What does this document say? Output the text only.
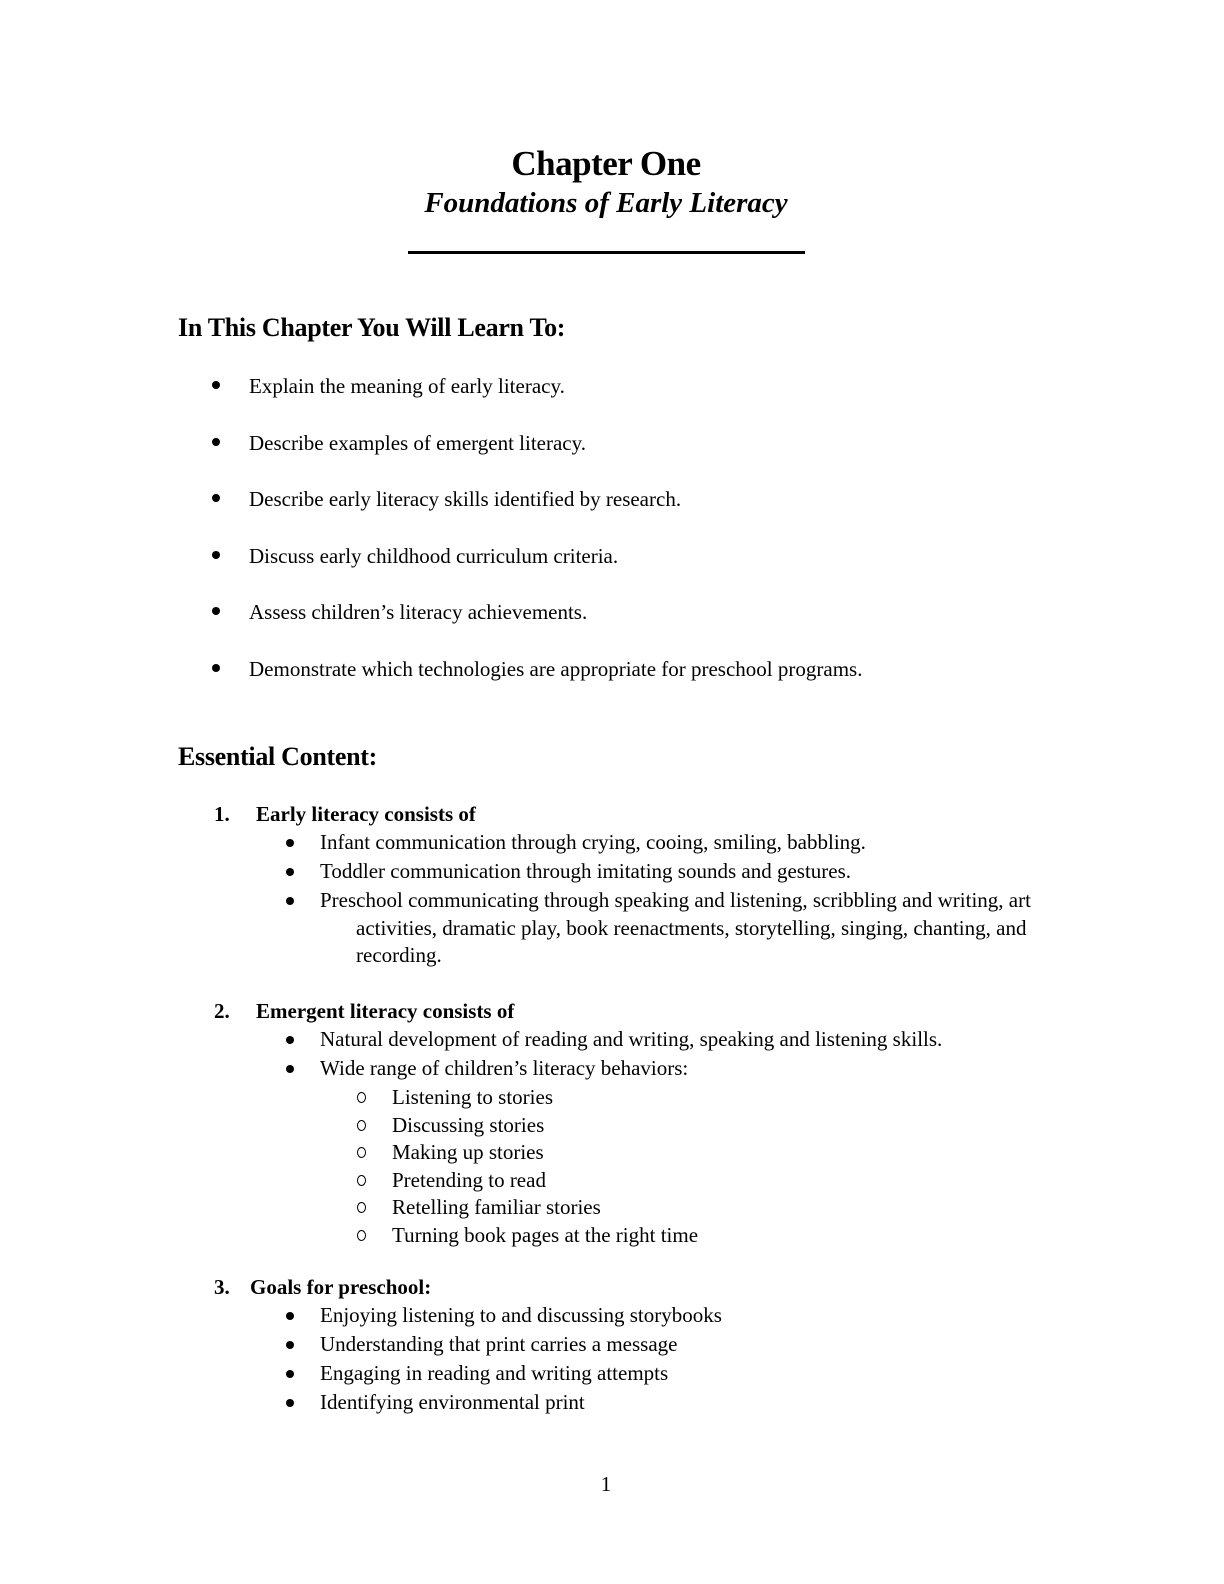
Chapter One
Foundations of Early Literacy
In This Chapter You Will Learn To:
Explain the meaning of early literacy.
Describe examples of emergent literacy.
Describe early literacy skills identified by research.
Discuss early childhood curriculum criteria.
Assess children’s literacy achievements.
Demonstrate which technologies are appropriate for preschool programs.
Essential Content:
1. Early literacy consists of
Infant communication through crying, cooing, smiling, babbling.
Toddler communication through imitating sounds and gestures.
Preschool communicating through speaking and listening, scribbling and writing, art activities, dramatic play, book reenactments, storytelling, singing, chanting, and recording.
2. Emergent literacy consists of
Natural development of reading and writing, speaking and listening skills.
Wide range of children’s literacy behaviors:
Listening to stories
Discussing stories
Making up stories
Pretending to read
Retelling familiar stories
Turning book pages at the right time
3. Goals for preschool:
Enjoying listening to and discussing storybooks
Understanding that print carries a message
Engaging in reading and writing attempts
Identifying environmental print
1
